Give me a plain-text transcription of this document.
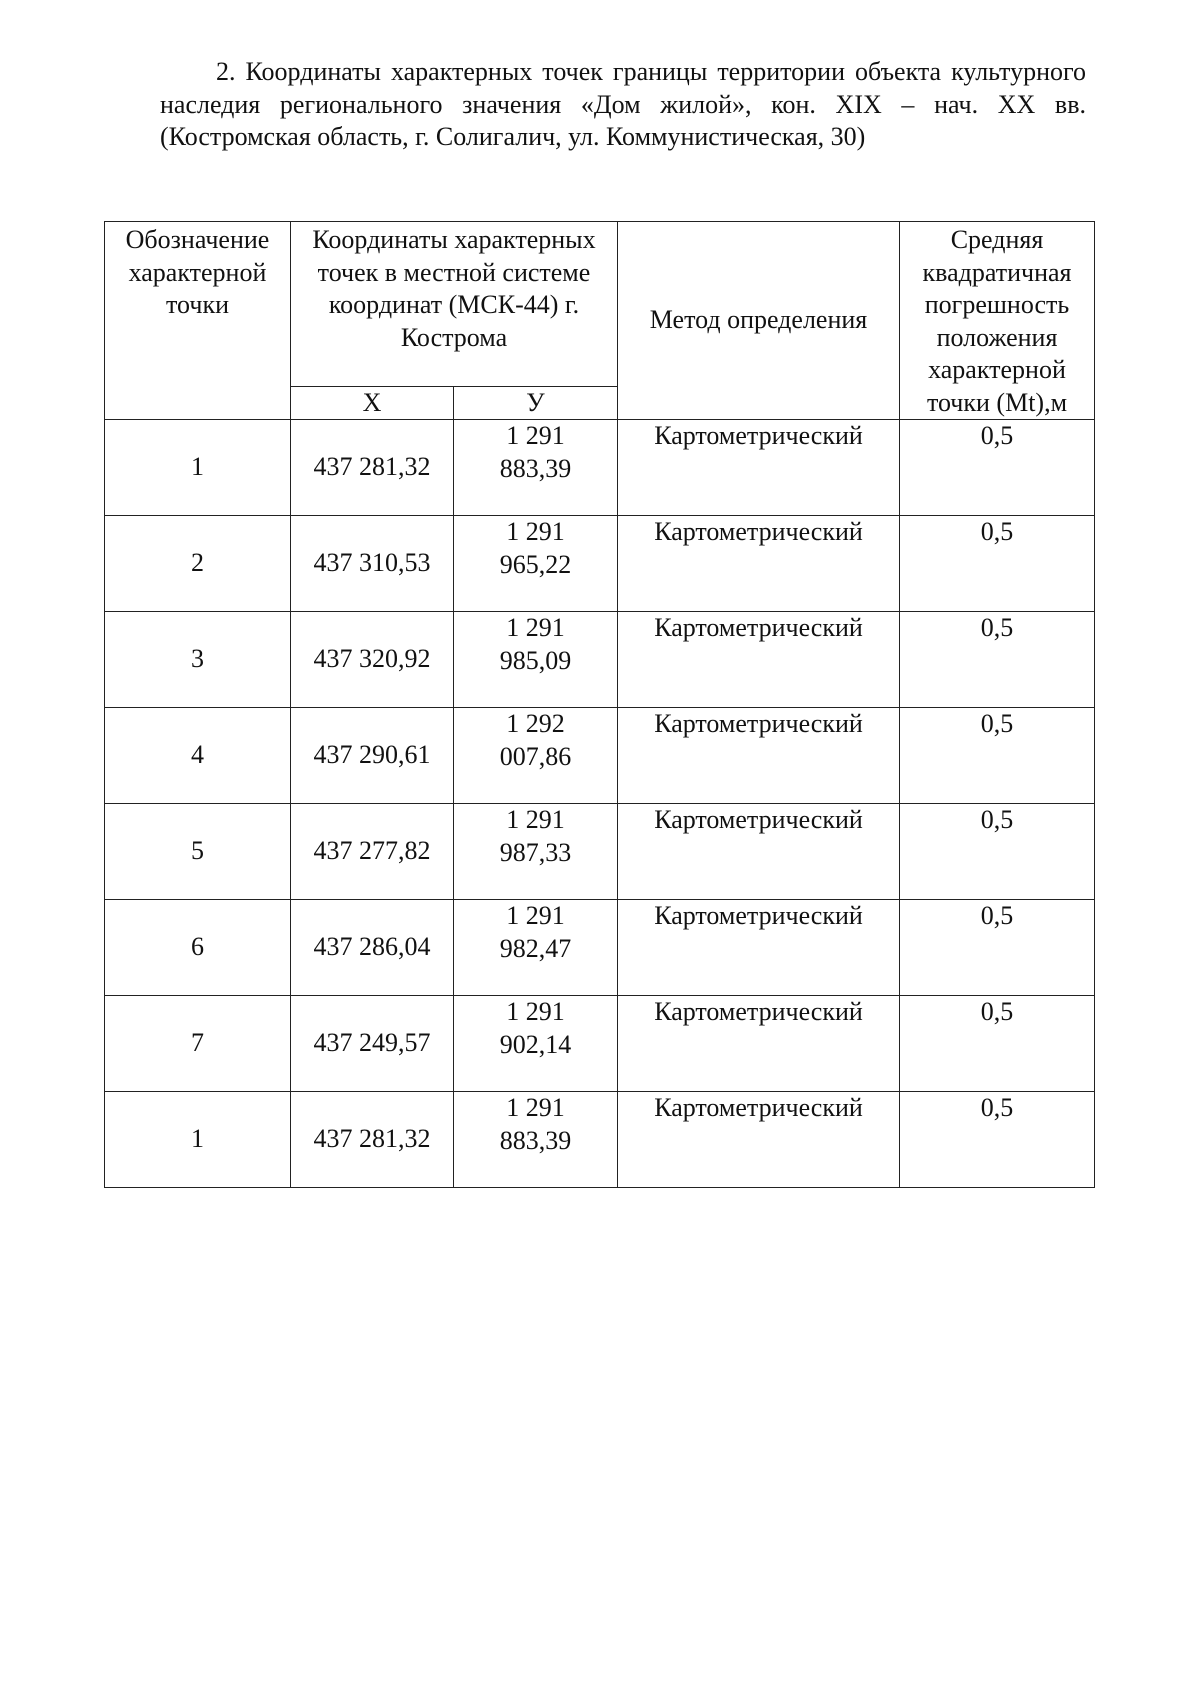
2. Координаты характерных точек границы территории объекта культурного наследия регионального значения «Дом жилой», кон. XIX – нач. XX вв. (Костромская область, г. Солигалич, ул. Коммунистическая, 30)

Обозначение характерной точки	Координаты характерных точек в местной системе координат (МСК-44) г. Кострома		Метод определения	Средняя квадратичная погрешность положения характерной точки (Mt),м
	Х	У		

1	437 281,32	1 291 883,39	Картометрический	0,5

2	437 310,53	1 291 965,22	Картометрический	0,5

3	437 320,92	1 291 985,09	Картометрический	0,5

4	437 290,61	1 292 007,86	Картометрический	0,5

5	437 277,82	1 291 987,33	Картометрический	0,5

6	437 286,04	1 291 982,47	Картометрический	0,5

7	437 249,57	1 291 902,14	Картометрический	0,5

1	437 281,32	1 291 883,39	Картометрический	0,5
